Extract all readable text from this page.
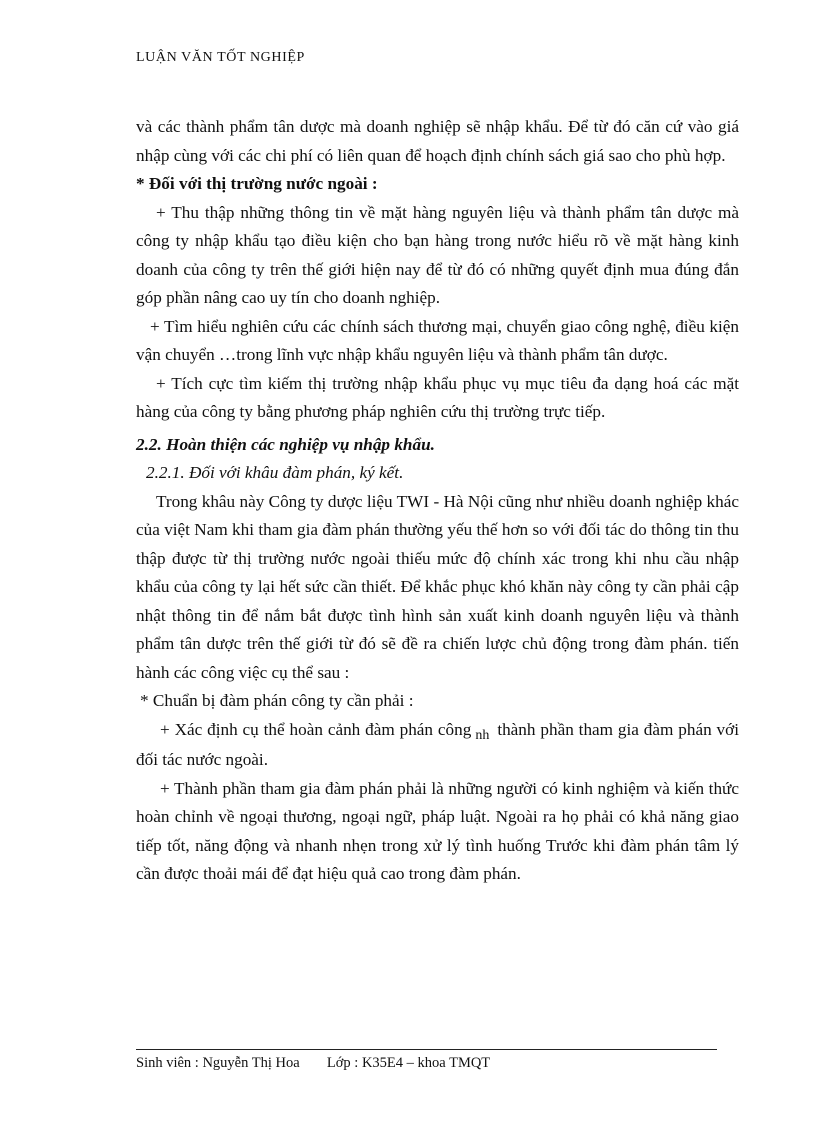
LUẬN VĂN TỐT NGHIỆP

và các thành phẩm tân dược mà doanh nghiệp sẽ nhập khẩu. Để từ đó căn cứ vào giá nhập cùng với các chi phí có liên quan để hoạch định chính sách giá sao cho phù hợp.

* Đối với thị trường nước ngoài :

+ Thu thập những thông tin về mặt hàng nguyên liệu và thành phẩm tân dược mà công ty nhập khẩu tạo điều kiện cho bạn hàng trong nước hiểu rõ về mặt hàng kinh doanh của công ty trên thế giới hiện nay để từ đó có những quyết định mua đúng đắn góp phần nâng cao uy tín cho doanh nghiệp.

+ Tìm hiểu nghiên cứu các chính sách thương mại, chuyển giao công nghệ, điều kiện vận chuyển …trong lĩnh vực nhập khẩu nguyên liệu và thành phẩm tân dược.

+ Tích cực tìm kiếm thị trường nhập khẩu phục vụ mục tiêu đa dạng hoá các mặt hàng của công ty bằng phương pháp nghiên cứu thị trường trực tiếp.

2.2. Hoàn thiện các nghiệp vụ nhập khẩu.

2.2.1. Đối với khâu đàm phán, ký kết.

Trong khâu này Công ty dược liệu TWI - Hà Nội cũng như nhiều doanh nghiệp khác của việt Nam khi tham gia đàm phán thường yếu thế hơn so với đối tác do thông tin thu thập được từ thị trường nước ngoài thiếu mức độ chính xác trong khi nhu cầu nhập khẩu của công ty lại hết sức cần thiết. Để khắc phục khó khăn này công ty cần phải cập nhật thông tin để nắm bắt được tình hình sản xuất kinh doanh nguyên liệu và thành phẩm tân dược trên thế giới từ đó sẽ đề ra chiến lược chủ động trong đàm phán. tiến hành các công việc cụ thể sau :

* Chuẩn bị đàm phán công ty cần phải :

+ Xác định cụ thể hoàn cảnh đàm phán công $_{nh}$ thành phần tham gia đàm phán với đối tác nước ngoài.

+ Thành phần tham gia đàm phán phải là những người có kinh nghiệm và kiến thức hoàn chỉnh về ngoại thương, ngoại ngữ, pháp luật. Ngoài ra họ phải có khả năng giao tiếp tốt, năng động và nhanh nhẹn trong xử lý tình huống Trước khi đàm phán tâm lý cần được thoải mái để đạt hiệu quả cao trong đàm phán.

Sinh viên : Nguyễn Thị Hoa Lớp : K35E4 – khoa TMQT
